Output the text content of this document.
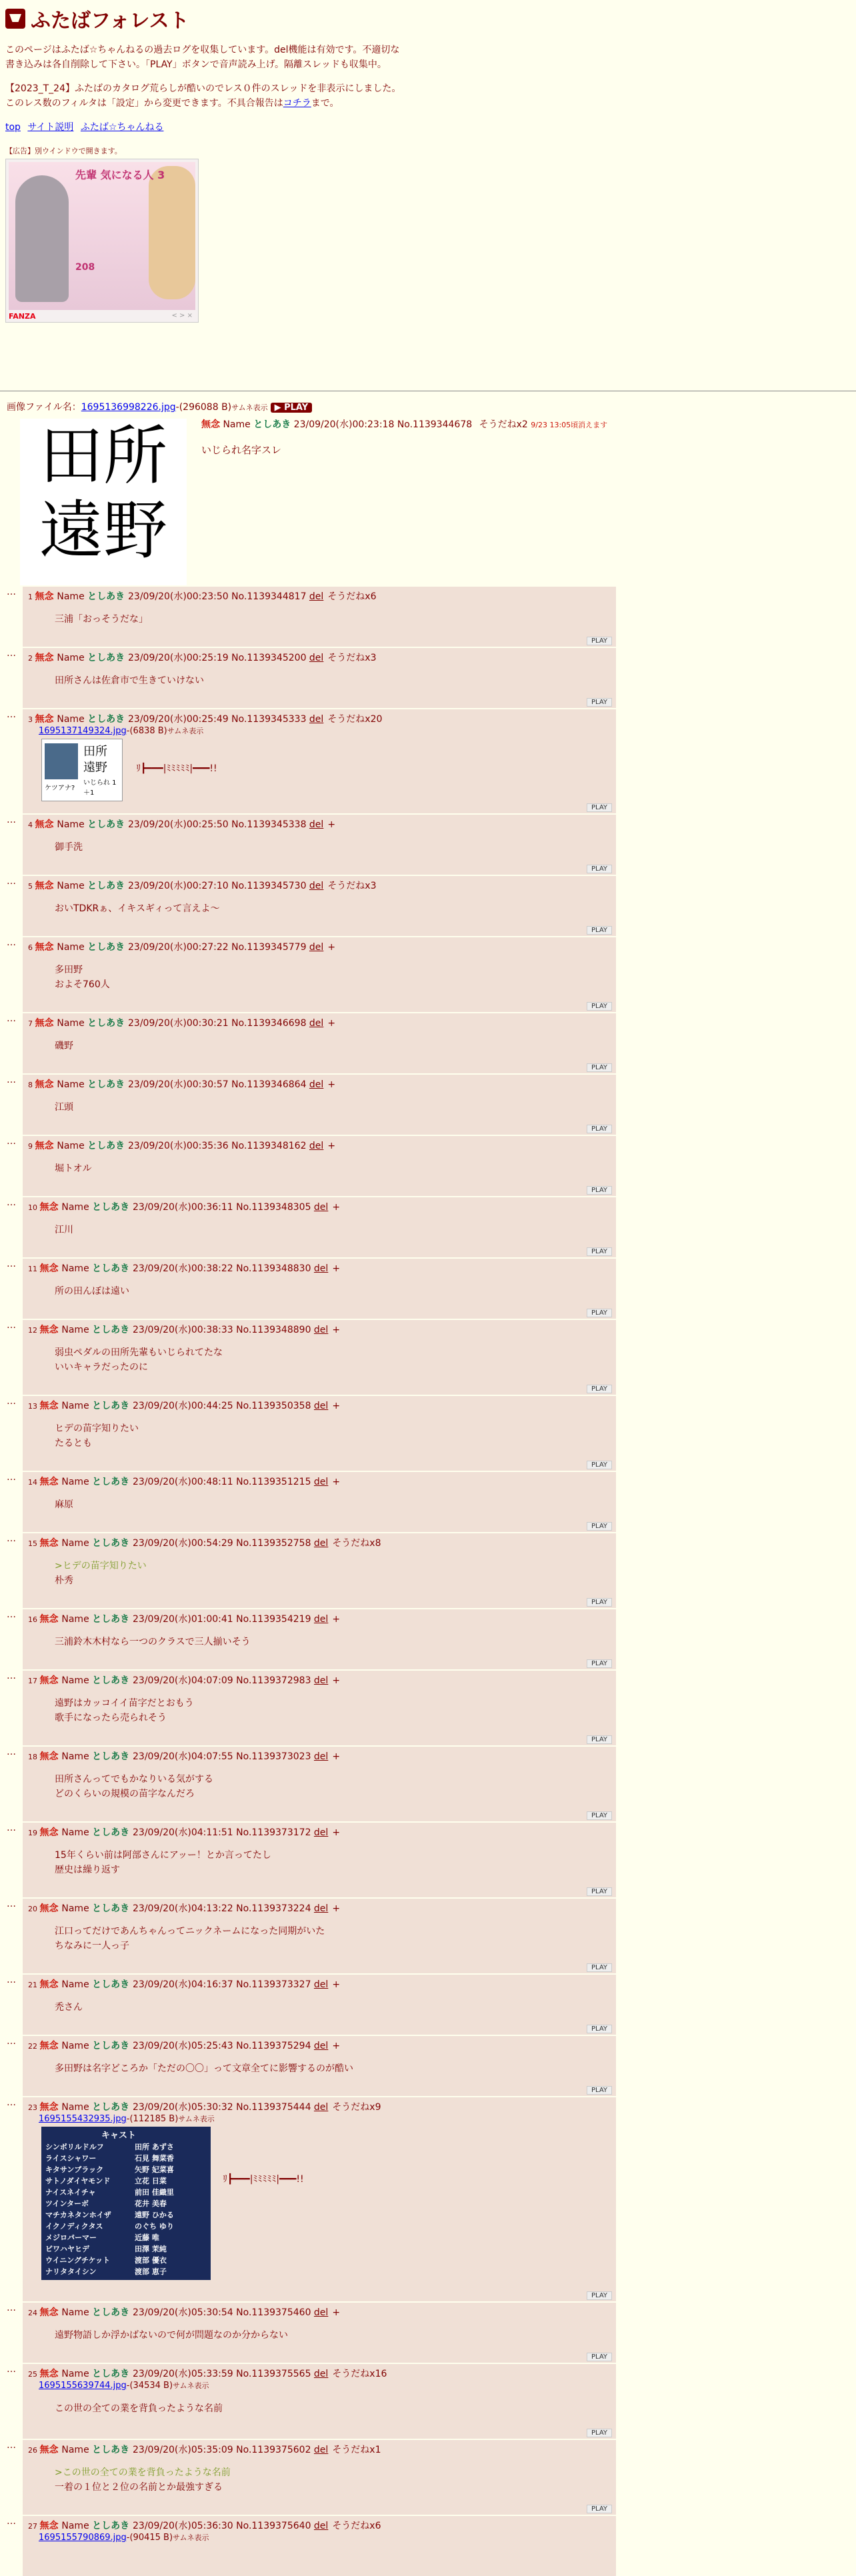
ふたばフォレスト
このページはふたば☆ちゃんねるの過去ログを収集しています。del機能は有効です。不適切な書き込みは各自削除して下さい。「PLAY」ボタンで音声読み上げ。隔離スレッドも収集中。
【2023_T_24】ふたばのカタログ荒らしが酷いのでレス０件のスレッドを非表示にしました。このレス数のフィルタは「設定」から変更できます。不具合報告はコチラまで。
top サイト説明 ふたば☆ちゃんねる
【広告】別ウインドウで開きます。
先輩 気になる人 3
208
FANZA	< > ×
画像ファイル名：1695136998226.jpg-(296088 B)サムネ表示 ▶ PLAY
田所遠野
無念 Name としあき 23/09/20(水)00:23:18 No.1139344678 そうだねx2 9/23 13:05頃消えます
いじられ名字スレ
… 1 無念 Name としあき 23/09/20(水)00:23:50 No.1139344817 del そうだねx6
三浦「おっそうだな」
PLAY
… 2 無念 Name としあき 23/09/20(水)00:25:19 No.1139345200 del そうだねx3
田所さんは佐倉市で生きていけない
PLAY
… 3 無念 Name としあき 23/09/20(水)00:25:49 No.1139345333 del そうだねx20
1695137149324.jpg-(6838 B)サムネ表示
田所
遠野
ケツアナ?
いじられ 1＋1
ﾘ┣━━━|ﾐﾐﾐﾐﾐ|━━━!!
PLAY
… 4 無念 Name としあき 23/09/20(水)00:25:50 No.1139345338 del +
御手洗
PLAY
… 5 無念 Name としあき 23/09/20(水)00:27:10 No.1139345730 del そうだねx3
おいTDKRぁ、イキスギィって言えよ～
PLAY
… 6 無念 Name としあき 23/09/20(水)00:27:22 No.1139345779 del +
多田野
およそ760人
PLAY
… 7 無念 Name としあき 23/09/20(水)00:30:21 No.1139346698 del +
磯野
PLAY
… 8 無念 Name としあき 23/09/20(水)00:30:57 No.1139346864 del +
江頭
PLAY
… 9 無念 Name としあき 23/09/20(水)00:35:36 No.1139348162 del +
堀トオル
PLAY
… 10 無念 Name としあき 23/09/20(水)00:36:11 No.1139348305 del +
江川
PLAY
… 11 無念 Name としあき 23/09/20(水)00:38:22 No.1139348830 del +
所の田んぼは遠い
PLAY
… 12 無念 Name としあき 23/09/20(水)00:38:33 No.1139348890 del +
弱虫ペダルの田所先輩もいじられてたな
いいキャラだったのに
PLAY
… 13 無念 Name としあき 23/09/20(水)00:44:25 No.1139350358 del +
ヒデの苗字知りたい
たるとも
PLAY
… 14 無念 Name としあき 23/09/20(水)00:48:11 No.1139351215 del +
麻原
PLAY
… 15 無念 Name としあき 23/09/20(水)00:54:29 No.1139352758 del そうだねx8
>ヒデの苗字知りたい
朴秀
PLAY
… 16 無念 Name としあき 23/09/20(水)01:00:41 No.1139354219 del +
三浦鈴木木村なら一つのクラスで三人揃いそう
PLAY
… 17 無念 Name としあき 23/09/20(水)04:07:09 No.1139372983 del +
遠野はカッコイイ苗字だとおもう
歌手になったら売られそう
PLAY
… 18 無念 Name としあき 23/09/20(水)04:07:55 No.1139373023 del +
田所さんってでもかなりいる気がする
どのくらいの規模の苗字なんだろ
PLAY
… 19 無念 Name としあき 23/09/20(水)04:11:51 No.1139373172 del +
15年くらい前は阿部さんにアッー！とか言ってたし
歴史は繰り返す
PLAY
… 20 無念 Name としあき 23/09/20(水)04:13:22 No.1139373224 del +
江口ってだけであんちゃんってニックネームになった同期がいた
ちなみに一人っ子
PLAY
… 21 無念 Name としあき 23/09/20(水)04:16:37 No.1139373327 del +
禿さん
PLAY
… 22 無念 Name としあき 23/09/20(水)05:25:43 No.1139375294 del +
多田野は名字どころか「ただの〇〇」って文章全てに影響するのが酷い
PLAY
… 23 無念 Name としあき 23/09/20(水)05:30:32 No.1139375444 del そうだねx9
1695155432935.jpg-(112185 B)サムネ表示
キャスト
シンボリルドルフ
ライスシャワー
キタサンブラック
サトノダイヤモンド
ナイスネイチャ
ツインターボ
マチカネタンホイザ
イクノディクタス
メジロパーマー
ビワハヤヒデ
ウイニングチケット
ナリタタイシン
田所 あずさ
石見 舞菜香
矢野 妃菜喜
立花 日菜
前田 佳織里
花井 美春
遠野 ひかる
のぐち ゆり
近藤 唯
田澤 茉純
渡部 優衣
渡部 恵子
ﾘ┣━━━|ﾐﾐﾐﾐﾐ|━━━!!
PLAY
… 24 無念 Name としあき 23/09/20(水)05:30:54 No.1139375460 del +
遠野物語しか浮かばないので何が問題なのか分からない
PLAY
… 25 無念 Name としあき 23/09/20(水)05:33:59 No.1139375565 del そうだねx16
1695155639744.jpg-(34534 B)サムネ表示
この世の全ての業を背負ったような名前
PLAY
… 26 無念 Name としあき 23/09/20(水)05:35:09 No.1139375602 del そうだねx1
>この世の全ての業を背負ったような名前
一着の１位と２位の名前とか最強すぎる
PLAY
… 27 無念 Name としあき 23/09/20(水)05:36:30 No.1139375640 del そうだねx6
1695155790869.jpg-(90415 B)サムネ表示
